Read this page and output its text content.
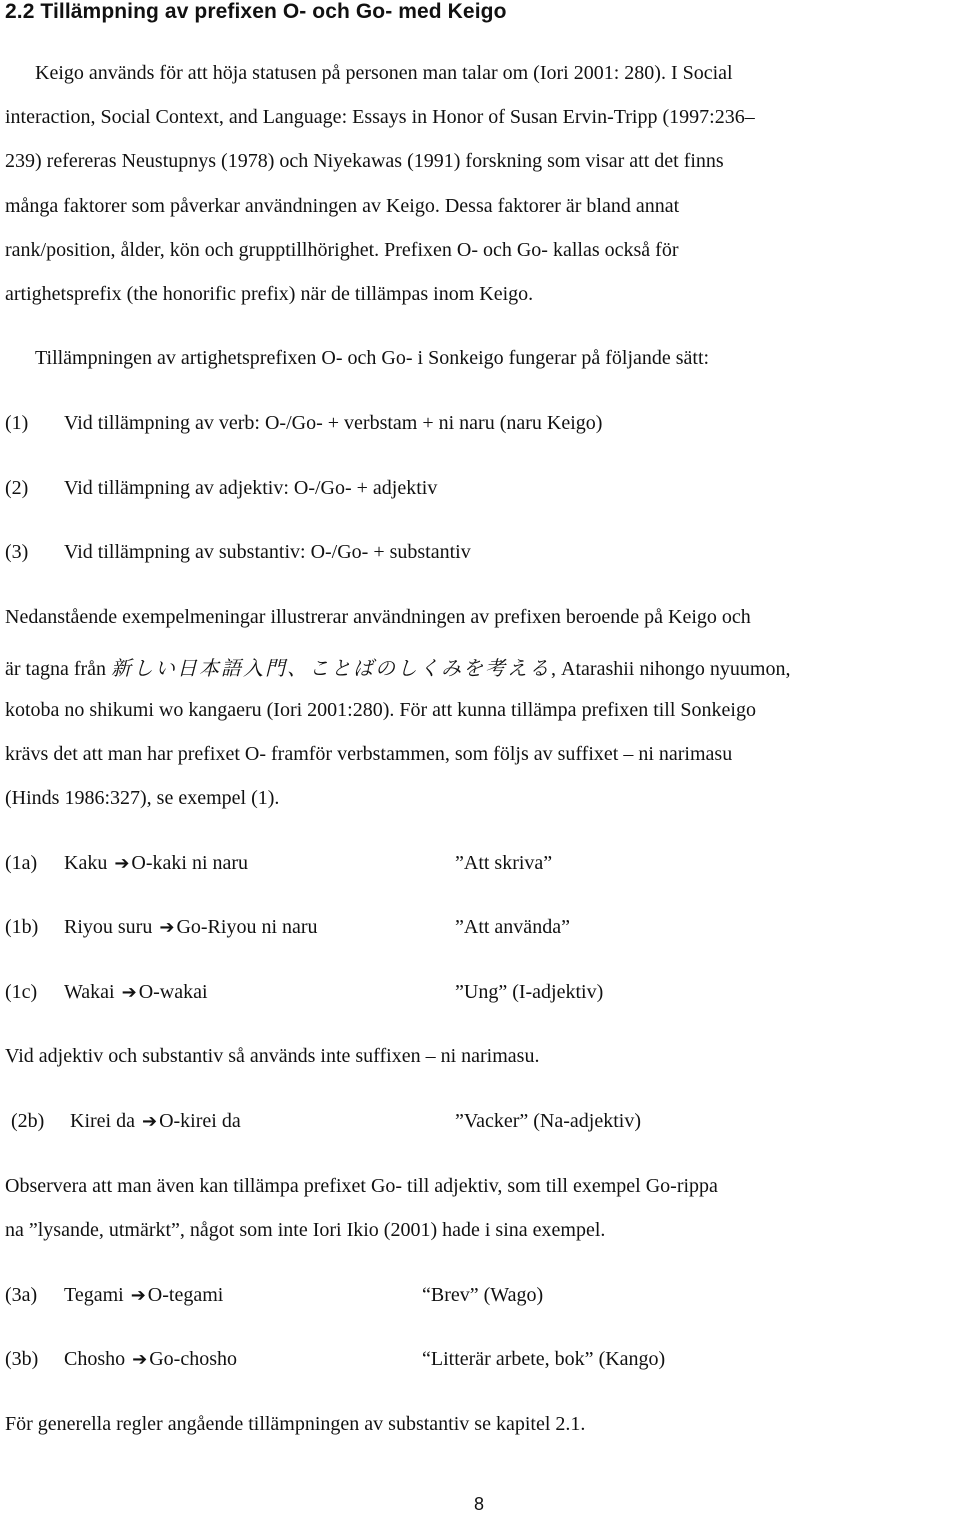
2.2 Tillämpning av prefixen O- och Go- med Keigo
Keigo används för att höja statusen på personen man talar om (Iori 2001: 280). I Social
interaction, Social Context, and Language: Essays in Honor of Susan Ervin-Tripp (1997:236–
239) refereras Neustupnys (1978) och Niyekawas (1991) forskning som visar att det finns
många faktorer som påverkar användningen av Keigo. Dessa faktorer är bland annat
rank/position, ålder, kön och grupptillhörighet. Prefixen O- och Go- kallas också för
artighetsprefix (the honorific prefix) när de tillämpas inom Keigo.
Tillämpningen av artighetsprefixen O- och Go- i Sonkeigo fungerar på följande sätt:
(1) Vid tillämpning av verb: O-/Go- + verbstam + ni naru (naru Keigo)
(2) Vid tillämpning av adjektiv: O-/Go- + adjektiv
(3) Vid tillämpning av substantiv: O-/Go- + substantiv
Nedanstående exempelmeningar illustrerar användningen av prefixen beroende på Keigo och
är tagna från 新しい日本語入門、ことばのしくみを考える, Atarashii nihongo nyuumon,
kotoba no shikumi wo kangaeru (Iori 2001:280). För att kunna tillämpa prefixen till Sonkeigo
krävs det att man har prefixet O- framför verbstammen, som följs av suffixet – ni narimasu
(Hinds 1986:327), se exempel (1).
(1a) Kaku ➔ O-kaki ni naru	”Att skriva”
(1b) Riyou suru ➔ Go-Riyou ni naru	”Att använda”
(1c) Wakai ➔ O-wakai	”Ung” (I-adjektiv)
Vid adjektiv och substantiv så används inte suffixen – ni narimasu.
(2b) Kirei da ➔ O-kirei da	”Vacker” (Na-adjektiv)
Observera att man även kan tillämpa prefixet Go- till adjektiv, som till exempel Go-rippa
na ”lysande, utmärkt”, något som inte Iori Ikio (2001) hade i sina exempel.
(3a) Tegami ➔ O-tegami	“Brev” (Wago)
(3b) Chosho ➔ Go-chosho	“Litterär arbete, bok” (Kango)
För generella regler angående tillämpningen av substantiv se kapitel 2.1.
8
